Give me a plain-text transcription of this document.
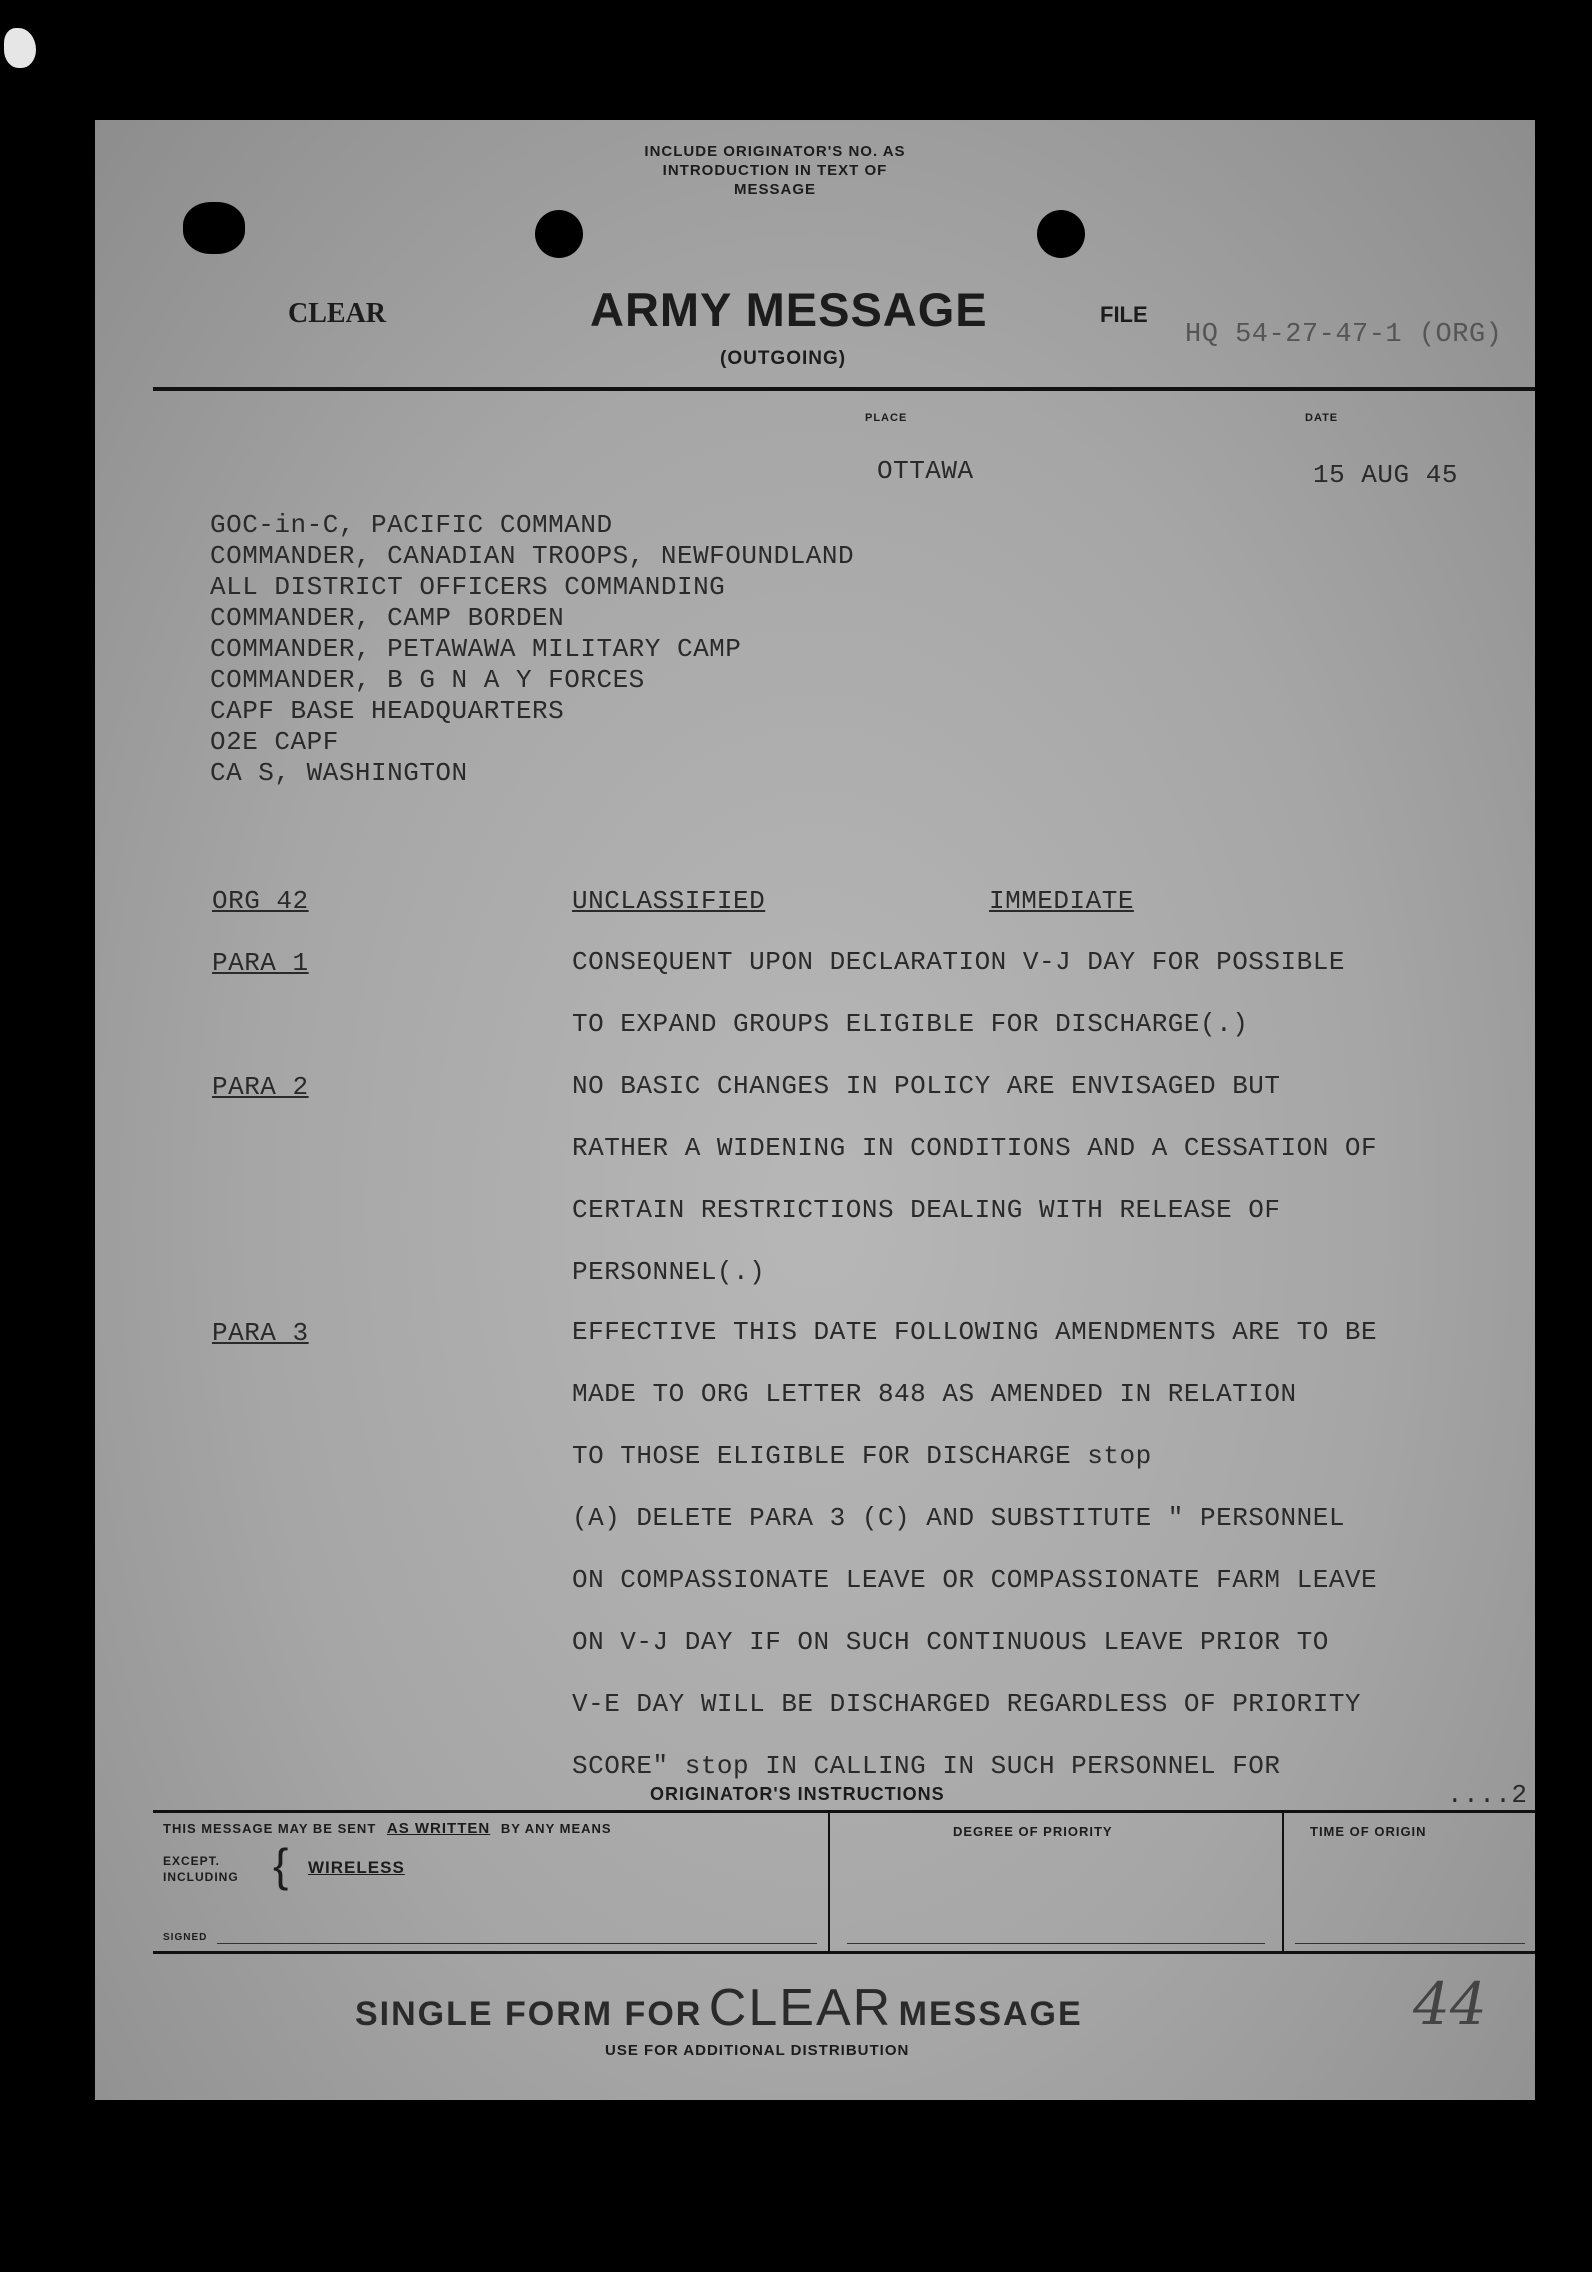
INCLUDE ORIGINATOR'S NO. AS
INTRODUCTION IN TEXT OF
MESSAGE
CLEAR	ARMY MESSAGE
(OUTGOING)
FILE
HQ 54-27-47-1 (ORG)
PLACE	DATE
OTTAWA	15 AUG 45
GOC-in-C, PACIFIC COMMAND
COMMANDER, CANADIAN TROOPS, NEWFOUNDLAND
ALL DISTRICT OFFICERS COMMANDING
COMMANDER, CAMP BORDEN
COMMANDER, PETAWAWA MILITARY CAMP
COMMANDER, B G N A Y FORCES
CAPF BASE HEADQUARTERS
O2E CAPF
CA S, WASHINGTON
ORG 42	UNCLASSIFIED	IMMEDIATE
PARA 1	CONSEQUENT UPON DECLARATION V-J DAY FOR POSSIBLE
TO EXPAND GROUPS ELIGIBLE FOR DISCHARGE(.)
PARA 2	NO BASIC CHANGES IN POLICY ARE ENVISAGED BUT
RATHER A WIDENING IN CONDITIONS AND A CESSATION OF
CERTAIN RESTRICTIONS DEALING WITH RELEASE OF
PERSONNEL(.)
PARA 3	EFFECTIVE THIS DATE FOLLOWING AMENDMENTS ARE TO BE
MADE TO ORG LETTER 848 AS AMENDED IN RELATION
TO THOSE ELIGIBLE FOR DISCHARGE stop
(A) DELETE PARA 3 (C) AND SUBSTITUTE " PERSONNEL
ON COMPASSIONATE LEAVE OR COMPASSIONATE FARM LEAVE
ON V-J DAY IF ON SUCH CONTINUOUS LEAVE PRIOR TO
V-E DAY WILL BE DISCHARGED REGARDLESS OF PRIORITY
SCORE" stop IN CALLING IN SUCH PERSONNEL FOR
....2
ORIGINATOR'S INSTRUCTIONS
THIS MESSAGE MAY BE SENT AS WRITTEN BY ANY MEANS
EXCEPT.
INCLUDING { WIRELESS
SIGNED
DEGREE OF PRIORITY	TIME OF ORIGIN
SINGLE FORM FOR CLEAR MESSAGE
USE FOR ADDITIONAL DISTRIBUTION
44
